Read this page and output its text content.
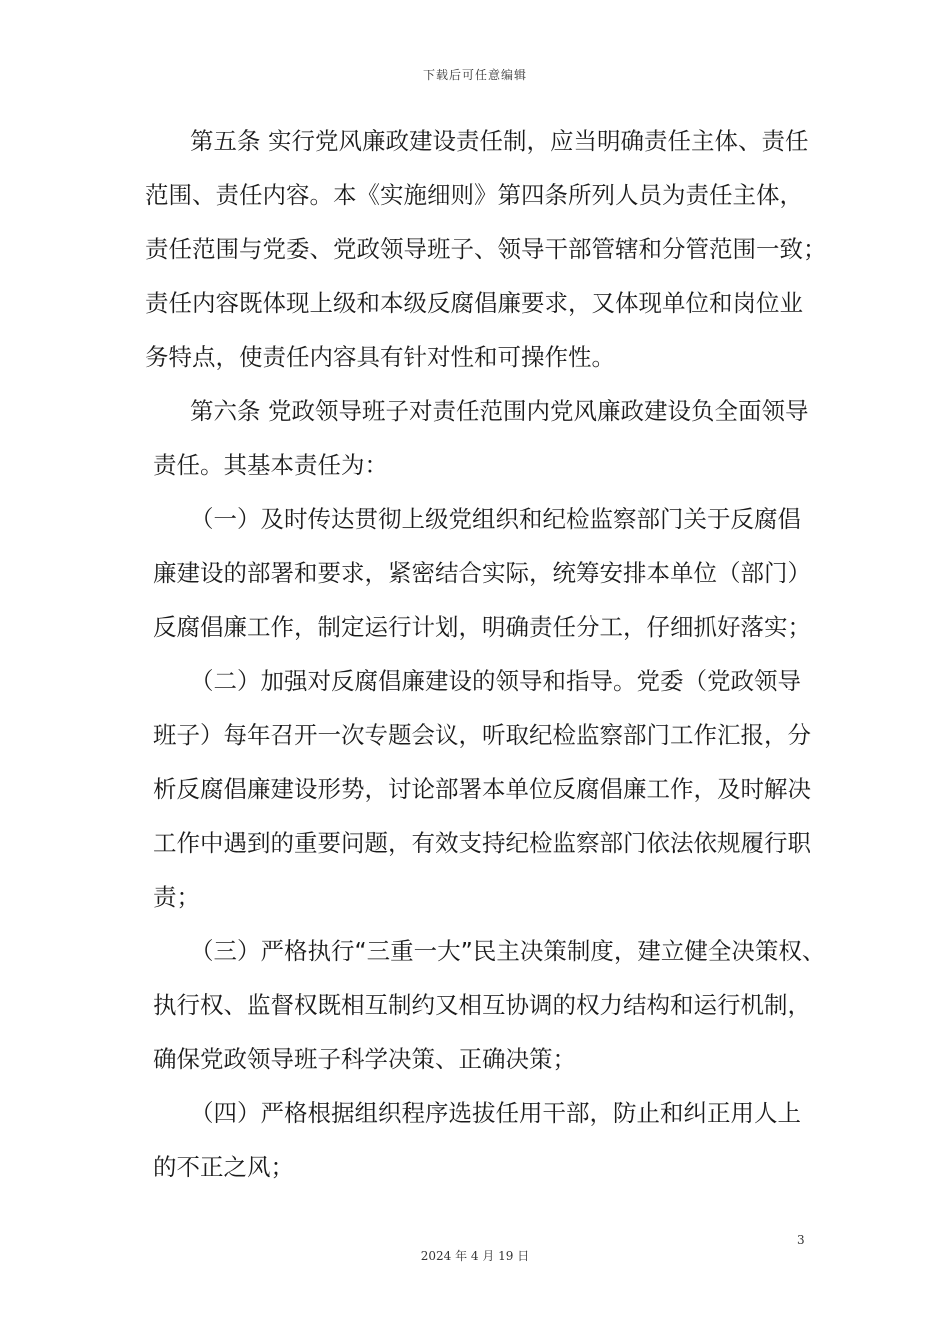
下载后可任意编辑
第五条 实行党风廉政建设责任制，应当明确责任主体、责任
范围、责任内容。本《实施细则》第四条所列人员为责任主体，
责任范围与党委、党政领导班子、领导干部管辖和分管范围一致；
责任内容既体现上级和本级反腐倡廉要求，又体现单位和岗位业
务特点，使责任内容具有针对性和可操作性。
第六条 党政领导班子对责任范围内党风廉政建设负全面领导
责任。其基本责任为：
（一）及时传达贯彻上级党组织和纪检监察部门关于反腐倡
廉建设的部署和要求，紧密结合实际，统筹安排本单位（部门）
反腐倡廉工作，制定运行计划，明确责任分工，仔细抓好落实；
（二）加强对反腐倡廉建设的领导和指导。党委（党政领导
班子）每年召开一次专题会议，听取纪检监察部门工作汇报，分
析反腐倡廉建设形势，讨论部署本单位反腐倡廉工作，及时解决
工作中遇到的重要问题，有效支持纪检监察部门依法依规履行职
责；
（三）严格执行“三重一大”民主决策制度，建立健全决策权、
执行权、监督权既相互制约又相互协调的权力结构和运行机制，
确保党政领导班子科学决策、正确决策；
（四）严格根据组织程序选拔任用干部，防止和纠正用人上
的不正之风；
3
2024 年 4 月 19 日
